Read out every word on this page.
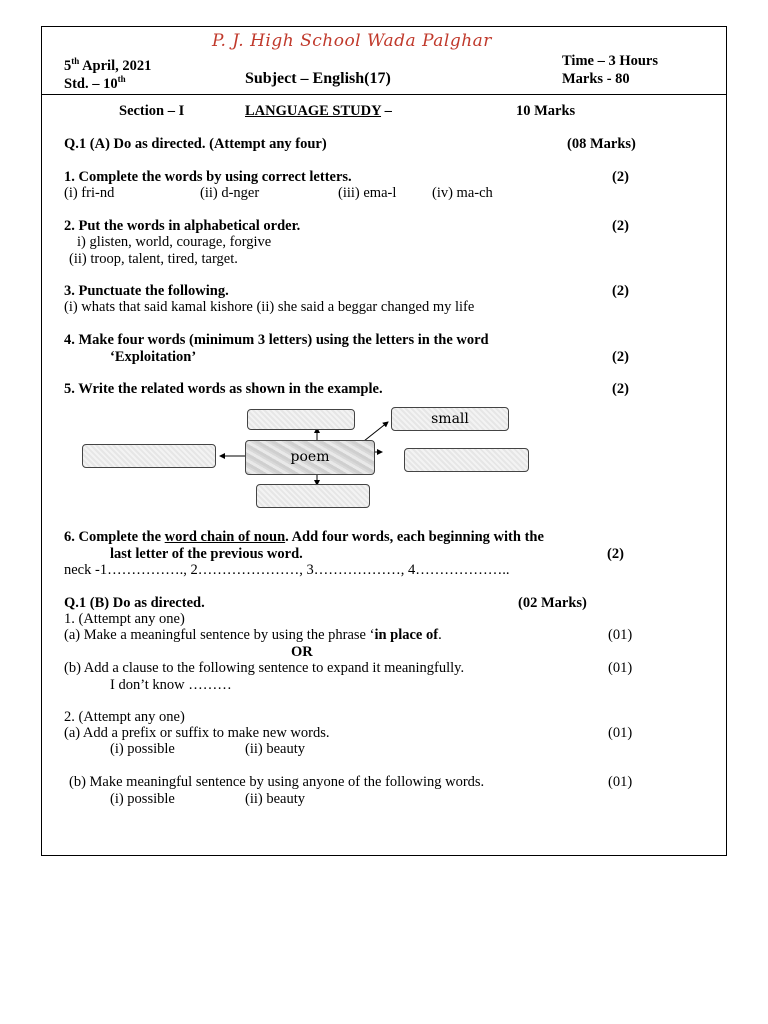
P. J. High School Wada Palghar
5th April, 2021	Time – 3 Hours
Std. – 10th	Subject – English(17)	Marks - 80
Section – I	LANGUAGE STUDY –	10 Marks
Q.1 (A) Do as directed. (Attempt any four)	(08 Marks)
1. Complete the words by using correct letters.	(2)
(i) fri-nd	(ii) d-nger	(iii) ema-l (iv) ma-ch
2. Put the words in alphabetical order.	(2)
i) glisten, world, courage, forgive
(ii) troop, talent, tired, target.
3. Punctuate the following.	(2)
(i) whats that said kamal kishore (ii) she said a beggar changed my life
4. Make four words (minimum 3 letters) using the letters in the word
‘Exploitation’	(2)
5. Write the related words as shown in the example.	(2)
small
poem
6. Complete the word chain of noun. Add four words, each beginning with the
last letter of the previous word.	(2)
neck -1……………., 2…………………, 3………………, 4………………..
Q.1 (B) Do as directed.	(02 Marks)
1. (Attempt any one)
(a) Make a meaningful sentence by using the phrase ‘in place of.	(01)
OR
(b) Add a clause to the following sentence to expand it meaningfully.	(01)
I don’t know ………
2. (Attempt any one)
(a) Add a prefix or suffix to make new words.	(01)
(i) possible	(ii) beauty
(b) Make meaningful sentence by using anyone of the following words.	(01)
(i) possible	(ii) beauty
